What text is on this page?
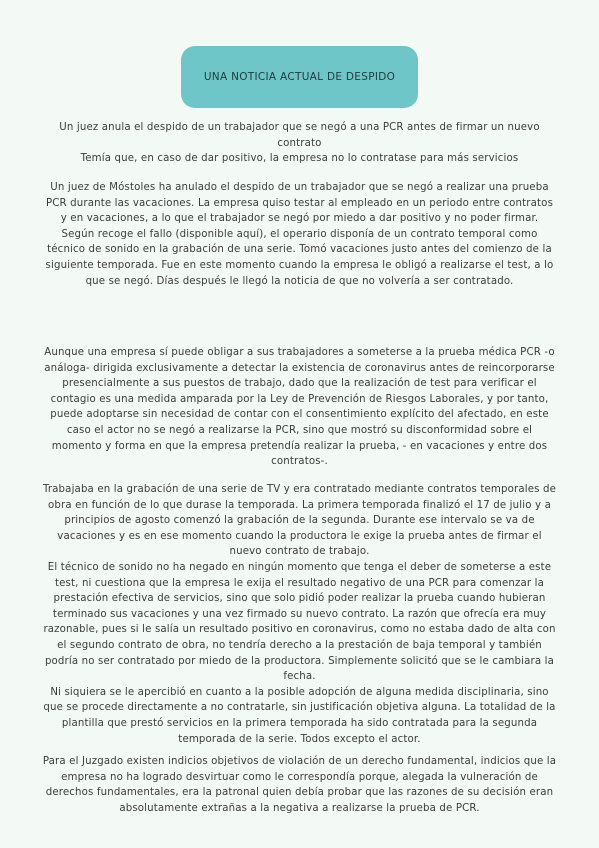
UNA NOTICIA ACTUAL DE DESPIDO

Un juez anula el despido de un trabajador que se negó a una PCR antes de firmar un nuevo contrato

Temía que, en caso de dar positivo, la empresa no lo contratase para más servicios

Un juez de Móstoles ha anulado el despido de un trabajador que se negó a realizar una prueba PCR durante las vacaciones. La empresa quiso testar al empleado en un periodo entre contratos y en vacaciones, a lo que el trabajador se negó por miedo a dar positivo y no poder firmar.

Según recoge el fallo (disponible aquí), el operario disponía de un contrato temporal como técnico de sonido en la grabación de una serie. Tomó vacaciones justo antes del comienzo de la siguiente temporada. Fue en este momento cuando la empresa le obligó a realizarse el test, a lo que se negó. Días después le llegó la noticia de que no volvería a ser contratado.

Aunque una empresa sí puede obligar a sus trabajadores a someterse a la prueba médica PCR -o análoga- dirigida exclusivamente a detectar la existencia de coronavirus antes de reincorporarse presencialmente a sus puestos de trabajo, dado que la realización de test para verificar el contagio es una medida amparada por la Ley de Prevención de Riesgos Laborales, y por tanto, puede adoptarse sin necesidad de contar con el consentimiento explícito del afectado, en este caso el actor no se negó a realizarse la PCR, sino que mostró su disconformidad sobre el momento y forma en que la empresa pretendía realizar la prueba, - en vacaciones y entre dos contratos-.

Trabajaba en la grabación de una serie de TV y era contratado mediante contratos temporales de obra en función de lo que durase la temporada. La primera temporada finalizó el 17 de julio y a principios de agosto comenzó la grabación de la segunda. Durante ese intervalo se va de vacaciones y es en ese momento cuando la productora le exige la prueba antes de firmar el nuevo contrato de trabajo.

El técnico de sonido no ha negado en ningún momento que tenga el deber de someterse a este test, ni cuestiona que la empresa le exija el resultado negativo de una PCR para comenzar la prestación efectiva de servicios, sino que solo pidió poder realizar la prueba cuando hubieran terminado sus vacaciones y una vez firmado su nuevo contrato. La razón que ofrecía era muy razonable, pues si le salía un resultado positivo en coronavirus, como no estaba dado de alta con el segundo contrato de obra, no tendría derecho a la prestación de baja temporal y también podría no ser contratado por miedo de la productora. Simplemente solicitó que se le cambiara la fecha.

Ni siquiera se le apercibió en cuanto a la posible adopción de alguna medida disciplinaria, sino que se procede directamente a no contratarle, sin justificación objetiva alguna. La totalidad de la plantilla que prestó servicios en la primera temporada ha sido contratada para la segunda temporada de la serie. Todos excepto el actor.

Para el Juzgado existen indicios objetivos de violación de un derecho fundamental, indicios que la empresa no ha logrado desvirtuar como le correspondía porque, alegada la vulneración de derechos fundamentales, era la patronal quien debía probar que las razones de su decisión eran absolutamente extrañas a la negativa a realizarse la prueba de PCR.
